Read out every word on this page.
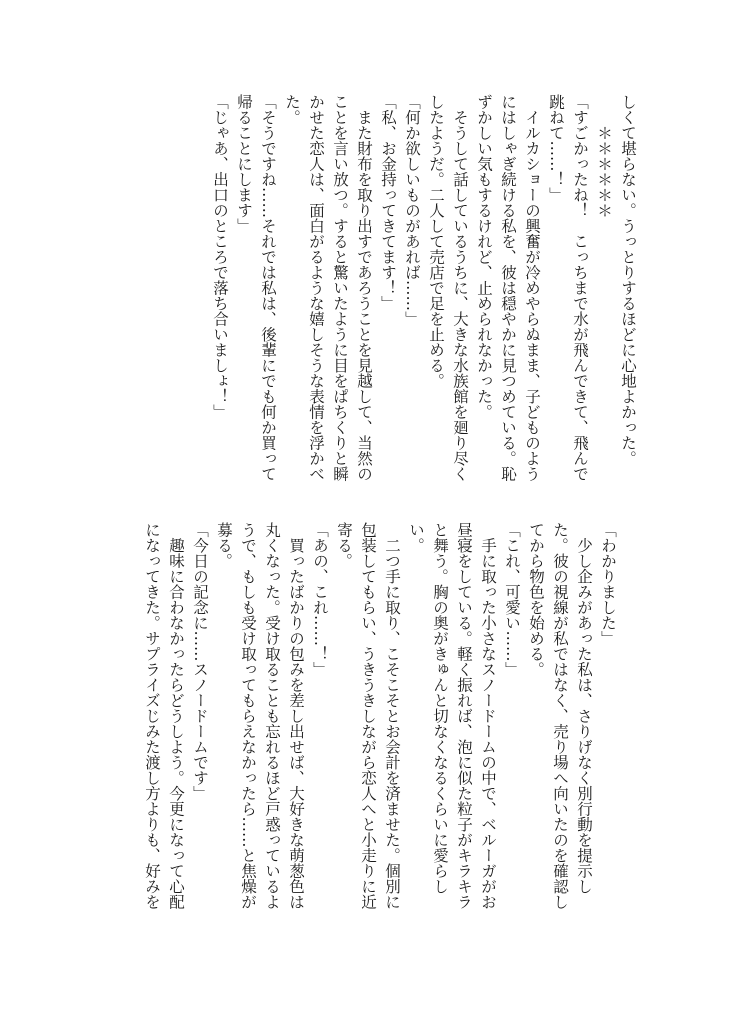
しくて堪らない。うっとりするほどに心地よかった。
　　＊＊＊＊＊＊
「すごかったね！　こっちまで水が飛んできて、飛んで
跳ねて……！」
　イルカショーの興奮が冷めやらぬまま、子どものよう
にはしゃぎ続ける私を、彼は穏やかに見つめている。恥
ずかしい気もするけれど、止められなかった。
　そうして話しているうちに、大きな水族館を廻り尽く
したようだ。二人して売店で足を止める。
「何か欲しいものがあれば……」
「私、お金持ってきてます！」
　また財布を取り出すであろうことを見越して、当然の
ことを言い放つ。すると驚いたように目をぱちくりと瞬
かせた恋人は、面白がるような嬉しそうな表情を浮かべ
た。
「そうですね……それでは私は、後輩にでも何か買って
帰ることにします」
「じゃあ、出口のところで落ち合いましょ！」
「わかりました」
　少し企みがあった私は、さりげなく別行動を提示し
た。彼の視線が私ではなく、売り場へ向いたのを確認し
てから物色を始める。
「これ、可愛い……」
　手に取った小さなスノードームの中で、ベルーガがお
昼寝をしている。軽く振れば、泡に似た粒子がキラキラ
と舞う。胸の奥がきゅんと切なくなるくらいに愛らし
い。
　二つ手に取り、こそこそとお会計を済ませた。個別に
包装してもらい、うきうきしながら恋人へと小走りに近
寄る。
「あの、これ……！」
　買ったばかりの包みを差し出せば、大好きな萌葱色は
丸くなった。受け取ることも忘れるほど戸惑っているよ
うで、もしも受け取ってもらえなかったら……と焦燥が
募る。
「今日の記念に……スノードームです」
　趣味に合わなかったらどうしよう。今更になって心配
になってきた。サプライズじみた渡し方よりも、好みを
